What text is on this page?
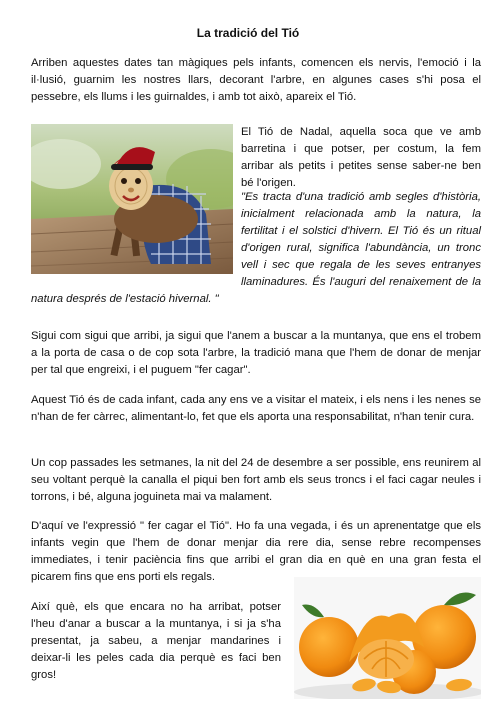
La tradició del Tió

Arriben aquestes dates tan màgiques pels infants, comencen els nervis, l'emoció i la il·lusió, guarnim les nostres llars, decorant l'arbre, en algunes cases s'hi posa el pessebre, els llums i les guirnaldes, i amb tot això, apareix el Tió.

El Tió de Nadal, aquella soca que ve amb barretina i que potser, per costum, la fem arribar als petits i petites sense saber-ne ben bé l'origen.

"Es tracta d'una tradició amb segles d'història, inicialment relacionada amb la natura, la fertilitat i el solstici d'hivern. El Tió és un ritual d'origen rural, significa l'abundància, un tronc vell i sec que regala de les seves entranyes llaminadures. És l'auguri del renaixement de la natura després de l'estació hivernal. "

Sigui com sigui que arribi, ja sigui que l'anem a buscar a la muntanya, que ens el trobem a la porta de casa o de cop sota l'arbre, la tradició mana que l'hem de donar de menjar per tal que engreixi, i el puguem "fer cagar".

Aquest Tió és de cada infant, cada any ens ve a visitar el mateix, i els nens i les nenes se n'han de fer càrrec, alimentant-lo, fet que els aporta una responsabilitat, n'han tenir cura.

Un cop passades les setmanes, la nit del 24 de desembre a ser possible, ens reunirem al seu voltant perquè la canalla el piqui ben fort amb els seus troncs i el faci cagar neules i torrons, i bé, alguna joguineta mai va malament.

D'aquí ve l'expressió " fer cagar el Tió". Ho fa una vegada, i és un aprenentatge que els infants vegin que l'hem de donar menjar dia rere dia, sense rebre recompenses immediates, i tenir paciència fins que arribi el gran dia en què en una gran festa el picarem fins que ens porti els regals.

Així què, els que encara no ha arribat, potser l'heu d'anar a buscar a la muntanya, i si ja s'ha presentat, ja sabeu, a menjar mandarines i deixar-li les peles cada dia perquè es faci ben gros!
